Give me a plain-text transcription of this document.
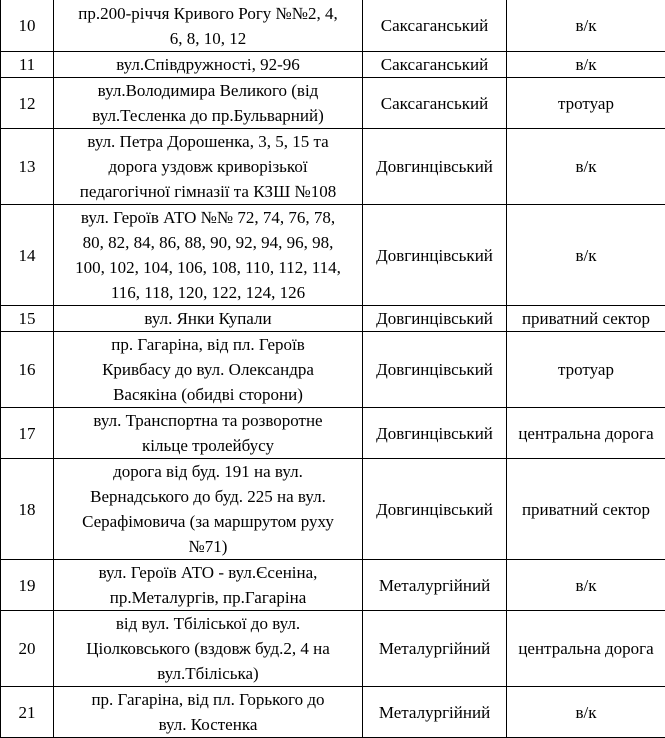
10	пр.200-річчя Кривого Рогу №№2, 4,
6, 8, 10, 12	Саксаганський	в/к
11	вул.Співдружності, 92-96	Саксаганський	в/к
12	вул.Володимира Великого (від
вул.Тесленка до пр.Бульварний)	Саксаганський	тротуар
13	вул. Петра Дорошенка, 3, 5, 15 та
дорога уздовж криворізької
педагогічної гімназії та КЗШ №108	Довгинцівський	в/к
14	вул. Героїв АТО №№ 72, 74, 76, 78,
80, 82, 84, 86, 88, 90, 92, 94, 96, 98,
100, 102, 104, 106, 108, 110, 112, 114,
116, 118, 120, 122, 124, 126	Довгинцівський	в/к
15	вул. Янки Купали	Довгинцівський	приватний сектор
16	пр. Гагаріна, від пл. Героїв
Кривбасу до вул. Олександра
Васякіна (обидві сторони)	Довгинцівський	тротуар
17	вул. Транспортна та розворотне
кільце тролейбусу	Довгинцівський	центральна дорога
18	дорога від буд. 191 на вул.
Вернадського до буд. 225 на вул.
Серафімовича (за маршрутом руху
№71)	Довгинцівський	приватний сектор
19	вул. Героїв АТО - вул.Єсеніна,
пр.Металургів, пр.Гагаріна	Металургійний	в/к
20	від вул. Тбіліської до вул.
Ціолковського (вздовж буд.2, 4 на
вул.Тбіліська)	Металургійний	центральна дорога
21	пр. Гагаріна, від пл. Горького до
вул. Костенка	Металургійний	в/к
